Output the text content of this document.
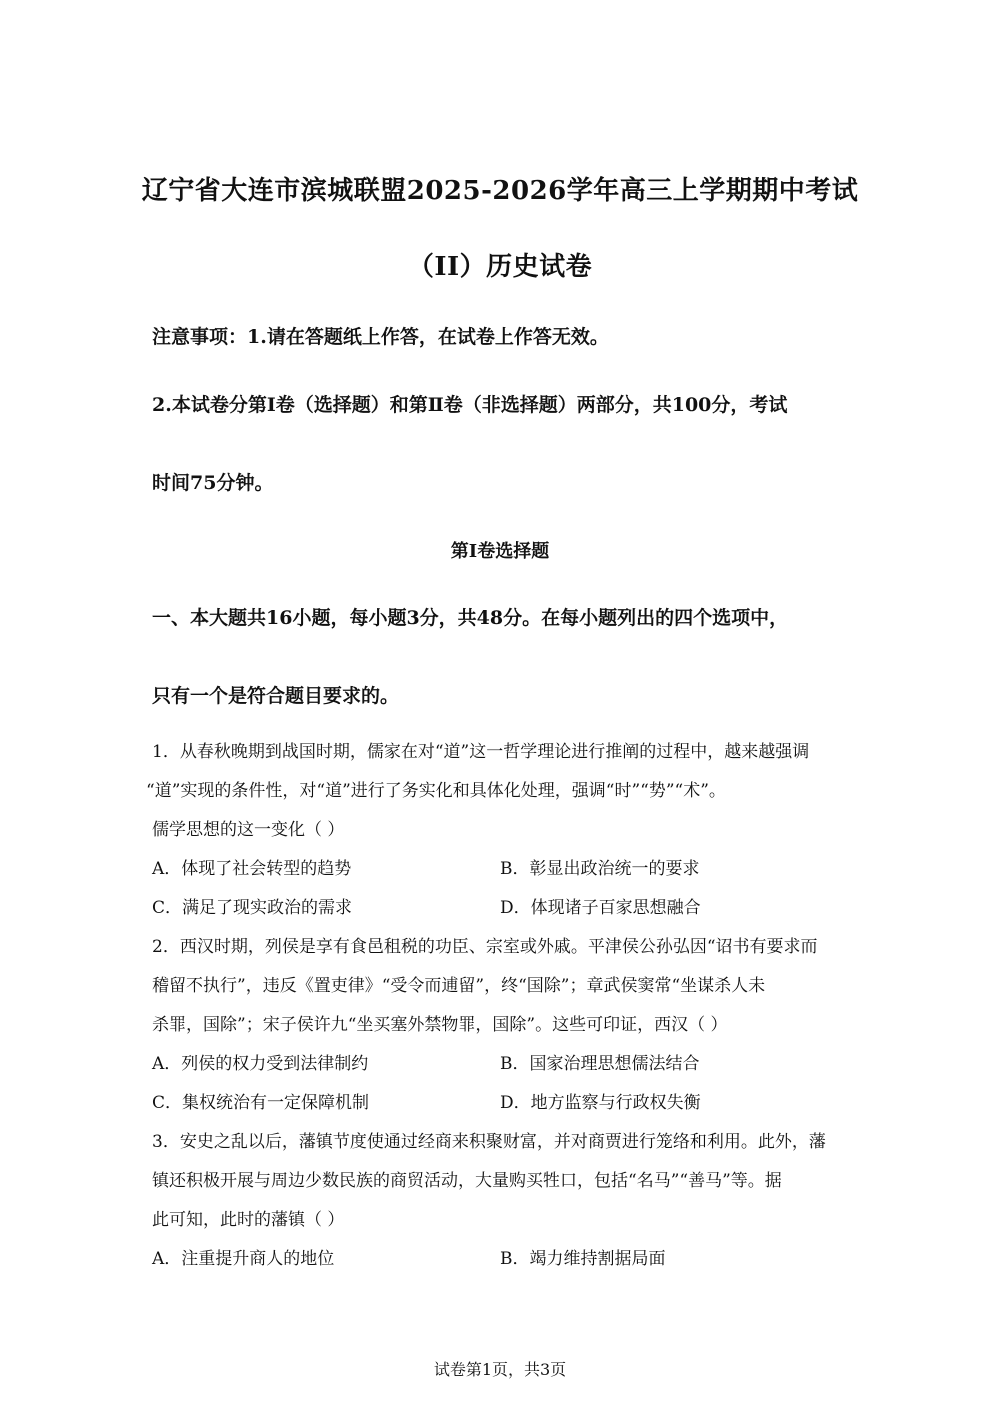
辽宁省大连市滨城联盟2025-2026学年高三上学期期中考试
（II）历史试卷
注意事项：1.请在答题纸上作答，在试卷上作答无效。
2.本试卷分第Ⅰ卷（选择题）和第Ⅱ卷（非选择题）两部分，共100分，考试
时间75分钟。
第Ⅰ卷选择题
一、本大题共16小题，每小题3分，共48分。在每小题列出的四个选项中，
只有一个是符合题目要求的。
1．从春秋晚期到战国时期，儒家在对“道”这一哲学理论进行推阐的过程中，越来越强调
“道”实现的条件性，对“道”进行了务实化和具体化处理，强调“时”“势”“术”。
儒学思想的这一变化（ ）
A．体现了社会转型的趋势	B．彰显出政治统一的要求
C．满足了现实政治的需求	D．体现诸子百家思想融合
2．西汉时期，列侯是享有食邑租税的功臣、宗室或外戚。平津侯公孙弘因“诏书有要求而
稽留不执行”，违反《置吏律》“受令而逋留”，终“国除”；章武侯窦常“坐谋杀人未
杀罪，国除”；宋子侯许九“坐买塞外禁物罪，国除”。这些可印证，西汉（ ）
A．列侯的权力受到法律制约	B．国家治理思想儒法结合
C．集权统治有一定保障机制	D．地方监察与行政权失衡
3．安史之乱以后，藩镇节度使通过经商来积聚财富，并对商贾进行笼络和利用。此外，藩
镇还积极开展与周边少数民族的商贸活动，大量购买牲口，包括“名马”“善马”等。据
此可知，此时的藩镇（ ）
A．注重提升商人的地位	B．竭力维持割据局面
试卷第1页，共3页
